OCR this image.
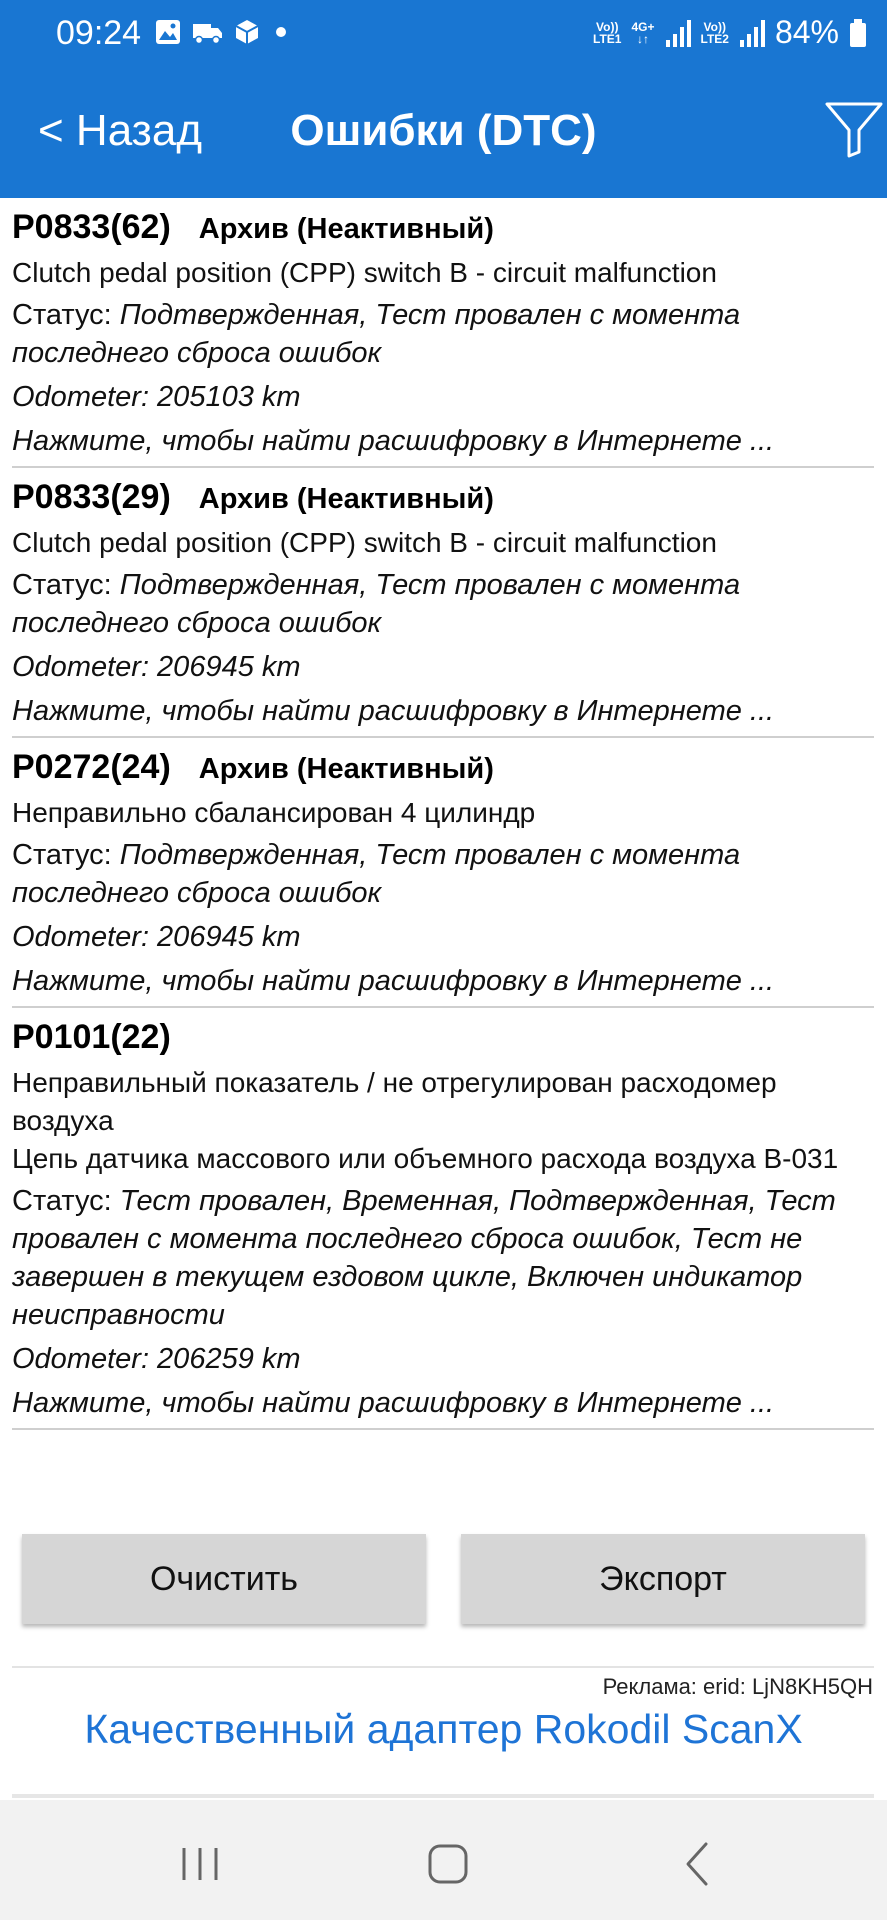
09:24	Vo))
LTE1
4G+
↓↑
Vo))
LTE2 84%
< Назад	Ошибки (DTC)
P0833(62) Архив (Неактивный)
Clutch pedal position (CPP) switch B - circuit malfunction
Статус: Подтвержденная, Тест провален с момента последнего сброса ошибок
Odometer: 205103 km
Нажмите, чтобы найти расшифровку в Интернете ...
P0833(29) Архив (Неактивный)
Clutch pedal position (CPP) switch B - circuit malfunction
Статус: Подтвержденная, Тест провален с момента последнего сброса ошибок
Odometer: 206945 km
Нажмите, чтобы найти расшифровку в Интернете ...
P0272(24) Архив (Неактивный)
Неправильно сбалансирован 4 цилиндр
Статус: Подтвержденная, Тест провален с момента последнего сброса ошибок
Odometer: 206945 km
Нажмите, чтобы найти расшифровку в Интернете ...
P0101(22)
Неправильный показатель / не отрегулирован расходомер воздуха
Цепь датчика массового или объемного расхода воздуха B-031
Статус: Тест провален, Временная, Подтвержденная, Тест провален с момента последнего сброса ошибок, Тест не завершен в текущем ездовом цикле, Включен индикатор неисправности
Odometer: 206259 km
Нажмите, чтобы найти расшифровку в Интернете ...
Очистить	Экспорт
Реклама: erid: LjN8KH5QH
Качественный адаптер Rokodil ScanX
